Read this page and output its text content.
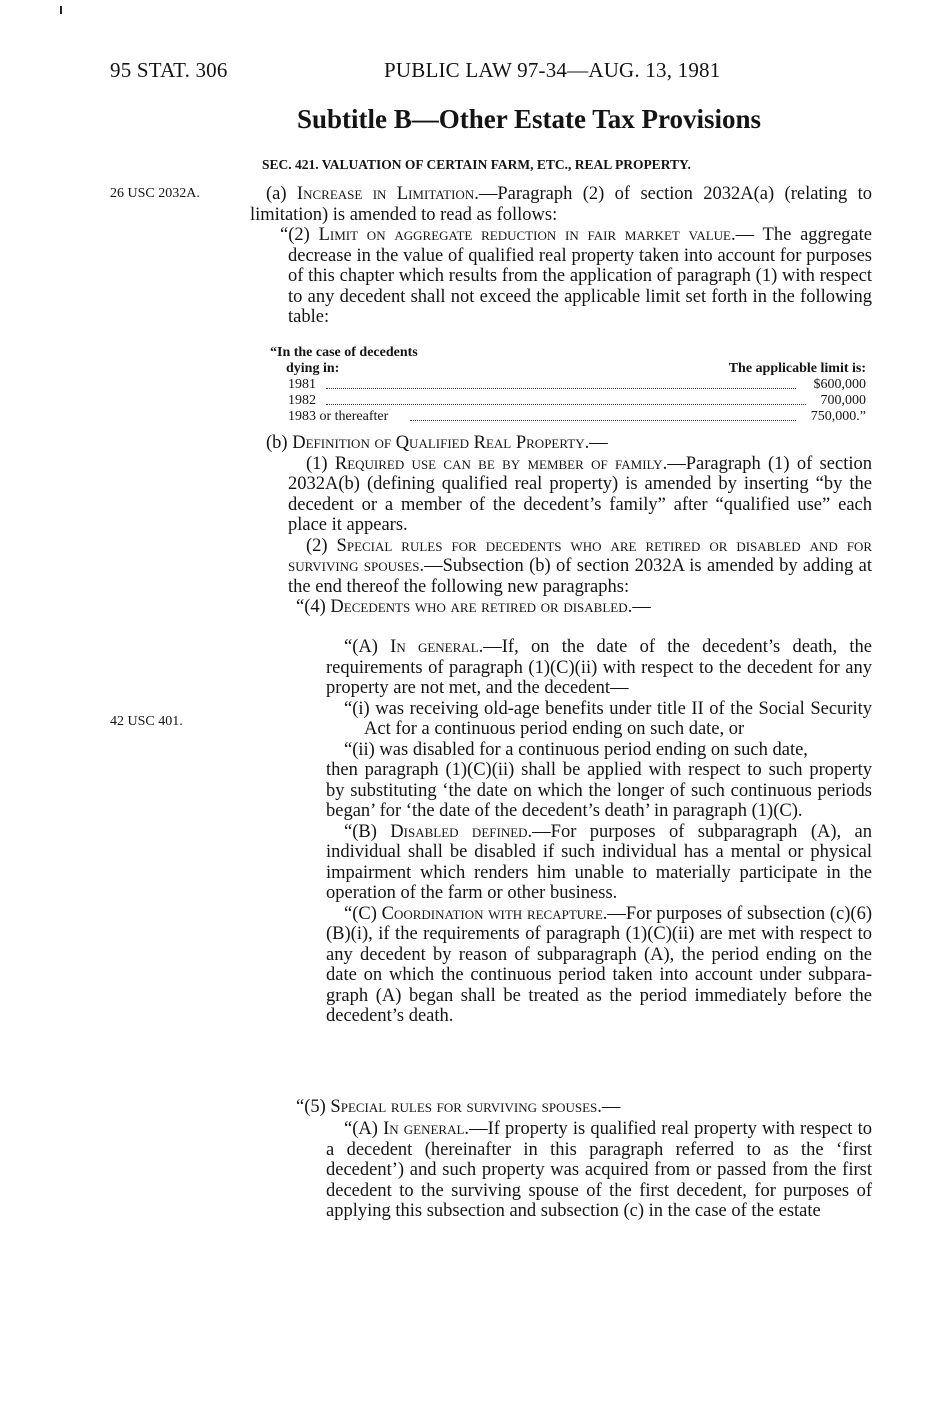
95 STAT. 306	PUBLIC LAW 97-34—AUG. 13, 1981
Subtitle B—Other Estate Tax Provisions
SEC. 421. VALUATION OF CERTAIN FARM, ETC., REAL PROPERTY.
26 USC 2032A.
42 USC 401.

(a) Increase in Limitation.—Paragraph (2) of section 2032A(a) (relating to limitation) is amended to read as follows:

“(2) Limit on aggregate reduction in fair market value.— The aggregate decrease in the value of qualified real property taken into account for purposes of this chapter which results from the application of paragraph (1) with respect to any decedent shall not exceed the applicable limit set forth in the following table:

“In the case of decedents
dying in:	The applicable limit is:
1981	$600,000
1982	700,000
1983 or thereafter	750,000.”

(b) Definition of Qualified Real Property.—

(1) Required use can be by member of family.—Paragraph (1) of section 2032A(b) (defining qualified real property) is amended by inserting “by the decedent or a member of the decedent’s family” after “qualified use” each place it appears.

(2) Special rules for decedents who are retired or disabled and for surviving spouses.—Subsection (b) of section 2032A is amended by adding at the end thereof the following new paragraphs:

“(4) Decedents who are retired or disabled.—

“(A) In general.—If, on the date of the decedent’s death, the requirements of paragraph (1)(C)(ii) with respect to the decedent for any property are not met, and the decedent—

“(i) was receiving old-age benefits under title II of the Social Security Act for a continuous period ending on such date, or

“(ii) was disabled for a continuous period ending on such date,

then paragraph (1)(C)(ii) shall be applied with respect to such property by substituting ‘the date on which the longer of such continuous periods began’ for ‘the date of the decedent’s death’ in paragraph (1)(C).

“(B) Disabled defined.—For purposes of subparagraph (A), an individual shall be disabled if such individual has a mental or physical impairment which renders him unable to materially participate in the operation of the farm or other business.

“(C) Coordination with recapture.—For purposes of subsection (c)(6)(B)(i), if the requirements of paragraph (1)(C)(ii) are met with respect to any decedent by reason of subparagraph (A), the period ending on the date on which the continuous period taken into account under subparagraph (A) began shall be treated as the period immediately before the decedent’s death.

“(5) Special rules for surviving spouses.—

“(A) In general.—If property is qualified real property with respect to a decedent (hereinafter in this paragraph referred to as the ‘first decedent’) and such property was acquired from or passed from the first decedent to the surviving spouse of the first decedent, for purposes of applying this subsection and subsection (c) in the case of the estate
